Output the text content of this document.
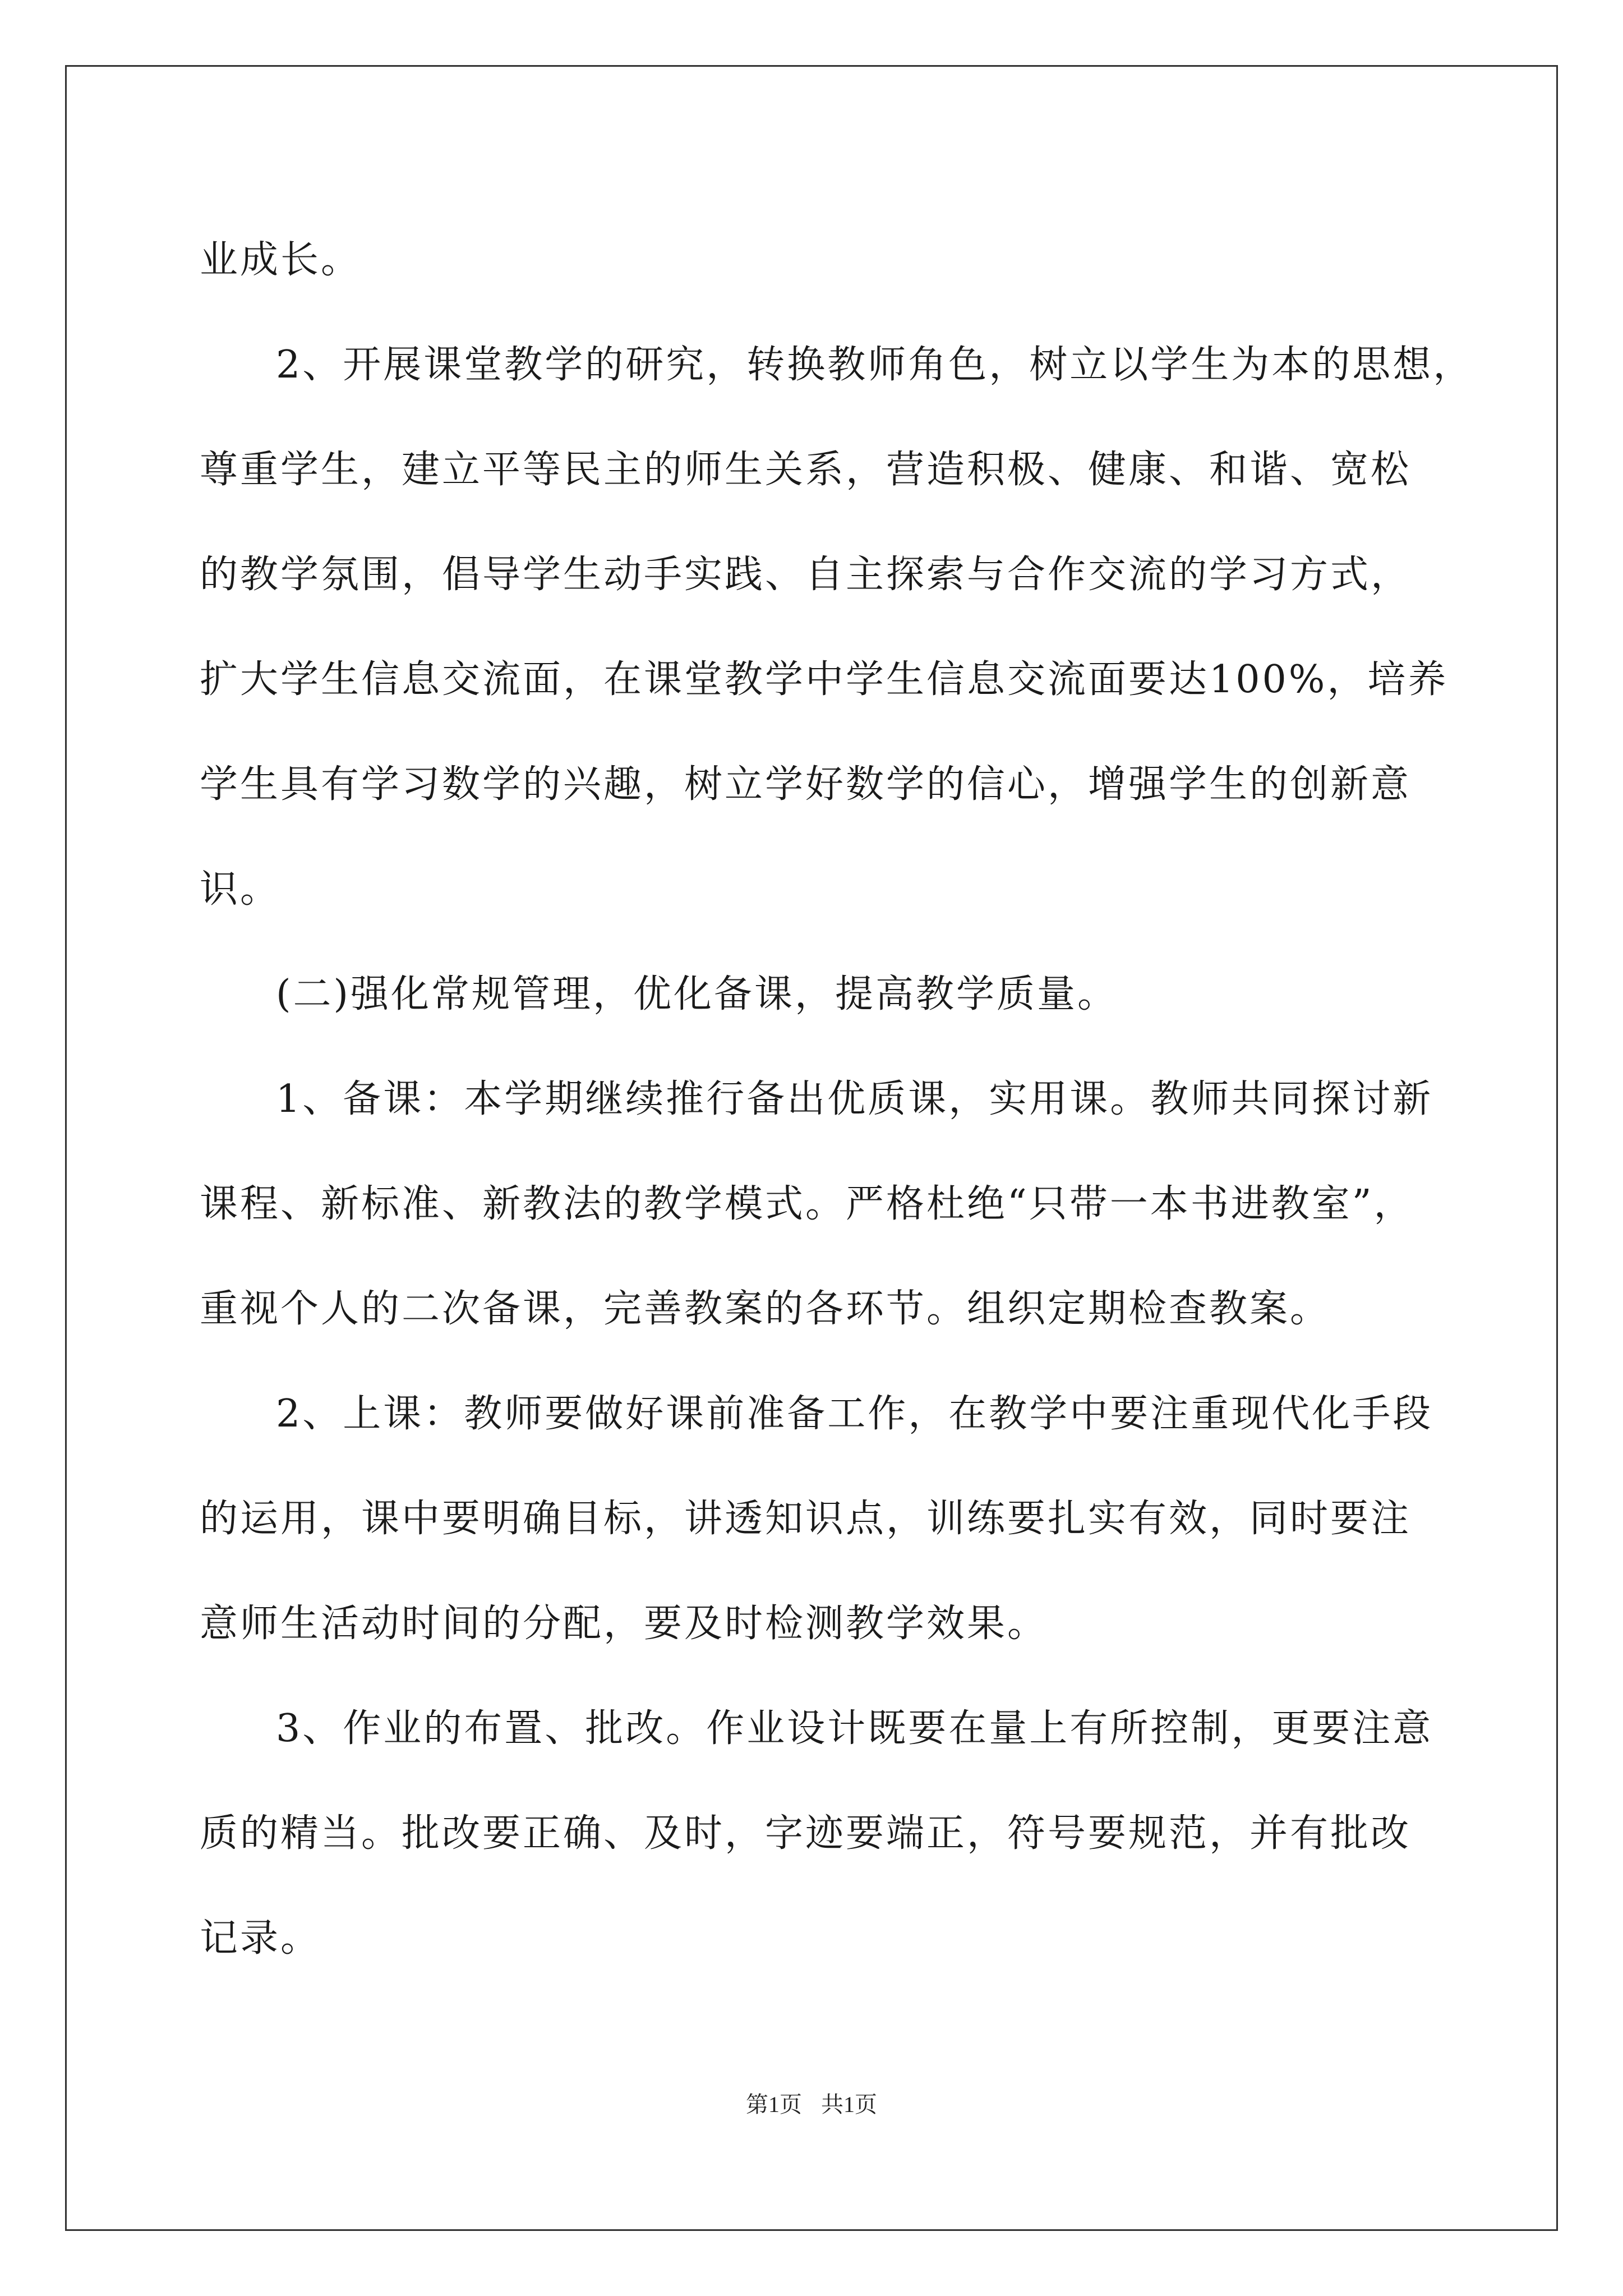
业成长。

2、开展课堂教学的研究，转换教师角色，树立以学生为本的思想，
尊重学生，建立平等民主的师生关系，营造积极、健康、和谐、宽松
的教学氛围，倡导学生动手实践、自主探索与合作交流的学习方式，
扩大学生信息交流面，在课堂教学中学生信息交流面要达100%，培养
学生具有学习数学的兴趣，树立学好数学的信心，增强学生的创新意
识。

(二)强化常规管理，优化备课，提高教学质量。

1、备课：本学期继续推行备出优质课，实用课。教师共同探讨新
课程、新标准、新教法的教学模式。严格杜绝“只带一本书进教室”，
重视个人的二次备课，完善教案的各环节。组织定期检查教案。

2、上课：教师要做好课前准备工作，在教学中要注重现代化手段
的运用，课中要明确目标，讲透知识点，训练要扎实有效，同时要注
意师生活动时间的分配，要及时检测教学效果。

3、作业的布置、批改。作业设计既要在量上有所控制，更要注意
质的精当。批改要正确、及时，字迹要端正，符号要规范，并有批改
记录。

第1页 共1页
